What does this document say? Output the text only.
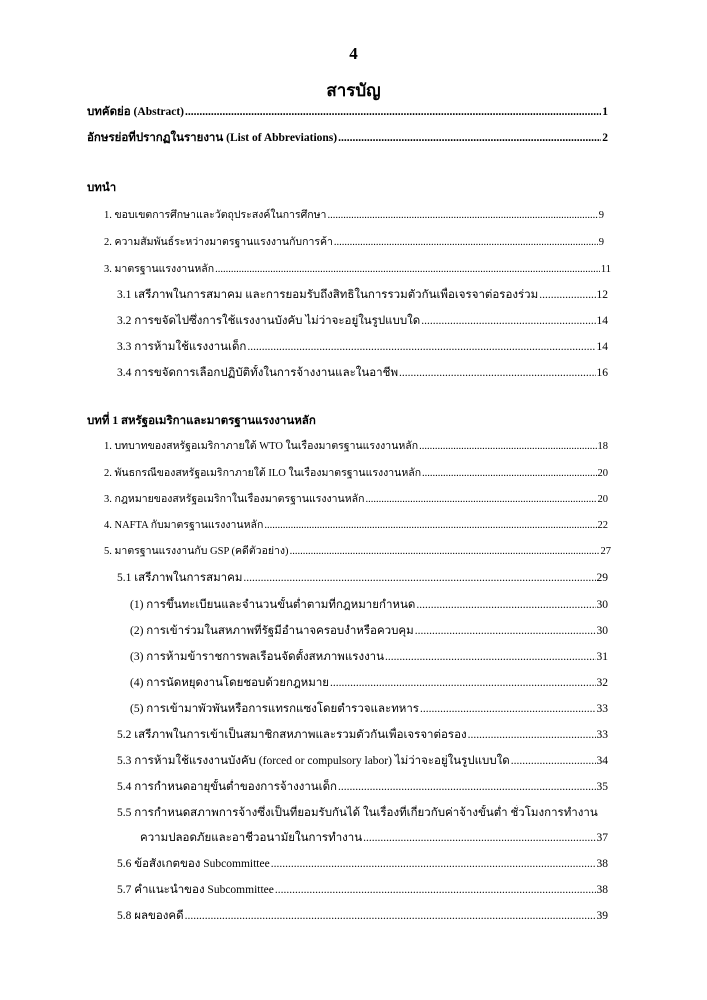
4
สารบัญ
บทคัดย่อ (Abstract) .....	1
อักษรย่อที่ปรากฏในรายงาน (List of Abbreviations) .....	2
บทนำ
1. ขอบเขตการศึกษาและวัตถุประสงค์ในการศึกษา .....	9
2. ความสัมพันธ์ระหว่างมาตรฐานแรงงานกับการค้า .....	9
3. มาตรฐานแรงงานหลัก .....	11
3.1 เสรีภาพในการสมาคม และการยอมรับถึงสิทธิในการรวมตัวกันเพื่อเจรจาต่อรองร่วม .....	12
3.2 การขจัดไปซึ่งการใช้แรงงานบังคับ ไม่ว่าจะอยู่ในรูปแบบใด .....	14
3.3 การห้ามใช้แรงงานเด็ก .....	14
3.4 การขจัดการเลือกปฏิบัติทั้งในการจ้างงานและในอาชีพ .....	16
บทที่ 1 สหรัฐอเมริกาและมาตรฐานแรงงานหลัก
1. บทบาทของสหรัฐอเมริกาภายใต้ WTO ในเรื่องมาตรฐานแรงงานหลัก .....	18
2. พันธกรณีของสหรัฐอเมริกาภายใต้ ILO ในเรื่องมาตรฐานแรงงานหลัก .....	20
3. กฎหมายของสหรัฐอเมริกาในเรื่องมาตรฐานแรงงานหลัก .....	20
4. NAFTA กับมาตรฐานแรงงานหลัก .....	22
5. มาตรฐานแรงงานกับ GSP (คดีตัวอย่าง) .....	27
5.1 เสรีภาพในการสมาคม .....	29
(1) การขึ้นทะเบียนและจำนวนขั้นต่ำตามที่กฎหมายกำหนด .....	30
(2) การเข้าร่วมในสหภาพที่รัฐมีอำนาจครอบงำหรือควบคุม .....	30
(3) การห้ามข้าราชการพลเรือนจัดตั้งสหภาพแรงงาน .....	31
(4) การนัดหยุดงานโดยชอบด้วยกฎหมาย .....	32
(5) การเข้ามาพัวพันหรือการแทรกแซงโดยตำรวจและทหาร .....	33
5.2 เสรีภาพในการเข้าเป็นสมาชิกสหภาพและรวมตัวกันเพื่อเจรจาต่อรอง .....	33
5.3 การห้ามใช้แรงงานบังคับ (forced or compulsory labor) ไม่ว่าจะอยู่ในรูปแบบใด .....	34
5.4 การกำหนดอายุขั้นต่ำของการจ้างงานเด็ก .....	35
5.5 การกำหนดสภาพการจ้างซึ่งเป็นที่ยอมรับกันได้ ในเรื่องที่เกี่ยวกับค่าจ้างขั้นต่ำ ชั่วโมงการทำงาน
ความปลอดภัยและอาชีวอนามัยในการทำงาน .....	37
5.6 ข้อสังเกตของ Subcommittee .....	38
5.7 คำแนะนำของ Subcommittee .....	38
5.8 ผลของคดี .....	39
